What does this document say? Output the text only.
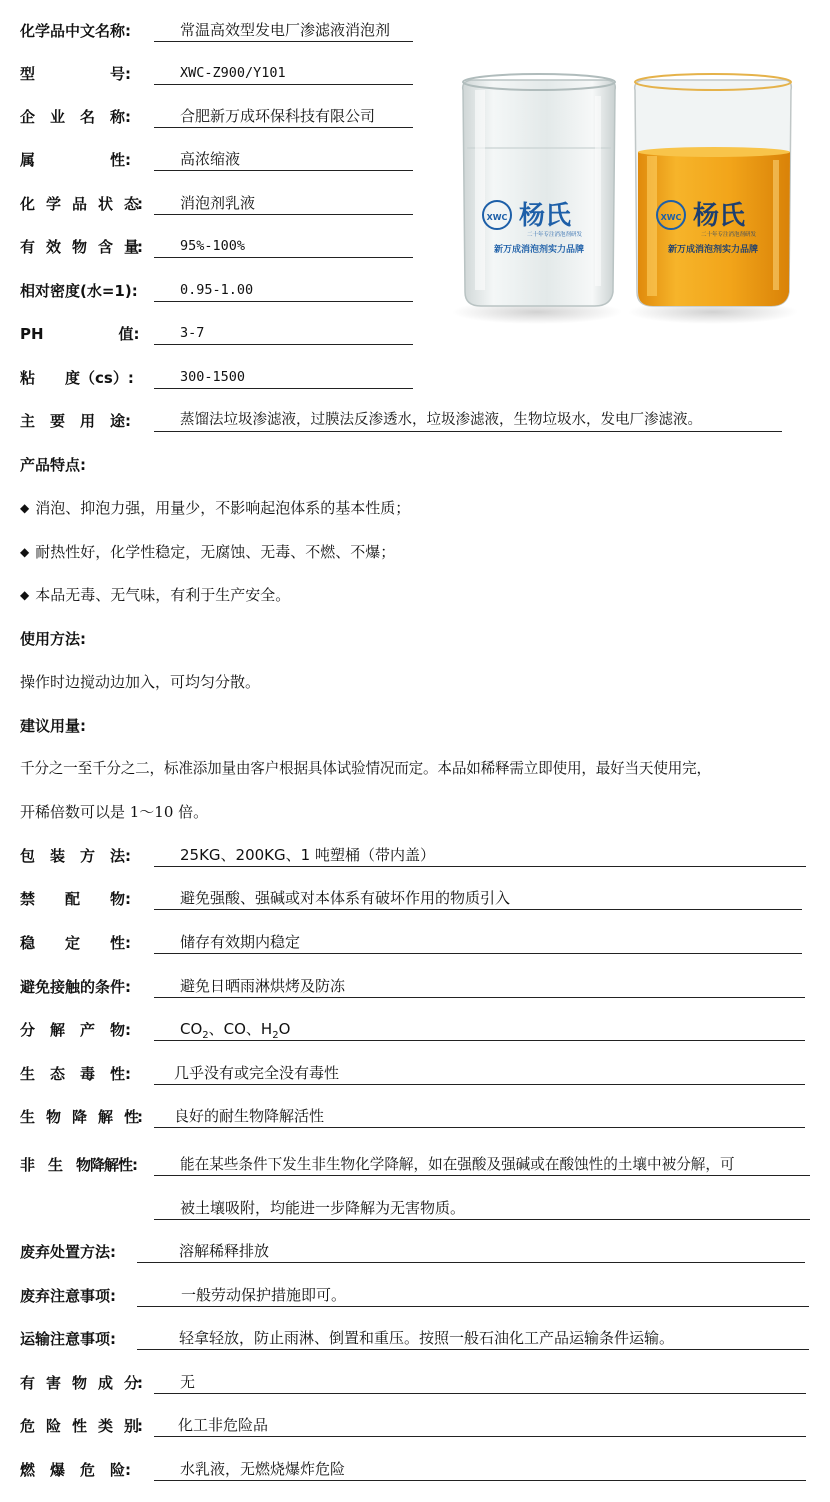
化学品中文名称:	常温高效型发电厂渗滤液消泡剂
型　　　　　号:	XWC-Z900/Y101
企　业　名　称:	合肥新万成环保科技有限公司
属　　　　　性:	高浓缩液
化　学　品　状　态:	消泡剂乳液
有　效　物　含　量:	95%-100%
相对密度(水=1):	0.95-1.00
PH　　　　　值:	3-7
粘　　度（cs）:	300-1500
主　要　用　途:	蒸馏法垃圾渗滤液，过膜法反渗透水，垃圾渗滤液，生物垃圾水，发电厂渗滤液。
XWC 杨氏
二十年专注消泡剂研发
新万成消泡剂实力品牌
XWC 杨氏
二十年专注消泡剂研发
新万成消泡剂实力品牌
产品特点:
◆ 消泡、抑泡力强，用量少，不影响起泡体系的基本性质；
◆ 耐热性好，化学性稳定，无腐蚀、无毒、不燃、不爆；
◆ 本品无毒、无气味，有利于生产安全。
使用方法:
操作时边搅动边加入，可均匀分散。
建议用量:
千分之一至千分之二，标准添加量由客户根据具体试验情况而定。本品如稀释需立即使用，最好当天使用完，
开稀倍数可以是 1～10 倍。
包　装　方　法:	25KG、200KG、1 吨塑桶（带内盖）
禁　　配　　物:	避免强酸、强碱或对本体系有破坏作用的物质引入
稳　　定　　性:	储存有效期内稳定
避免接触的条件:	避免日晒雨淋烘烤及防冻
分　解　产　物:	$CO_2$、CO、$H_2O$
生　态　毒　性:	几乎没有或完全没有毒性
生　物　降　解　性:	良好的耐生物降解活性
非　生　物降解性:	能在某些条件下发生非生物化学降解，如在强酸及强碱或在酸蚀性的土壤中被分解，可
被土壤吸附，均能进一步降解为无害物质。
废弃处置方法:	溶解稀释排放
废弃注意事项:	一般劳动保护措施即可。
运输注意事项:	轻拿轻放，防止雨淋、倒置和重压。按照一般石油化工产品运输条件运输。
有　害　物　成　分:	无
危　险　性　类　别:	化工非危险品
燃　爆　危　险:	水乳液，无燃烧爆炸危险
